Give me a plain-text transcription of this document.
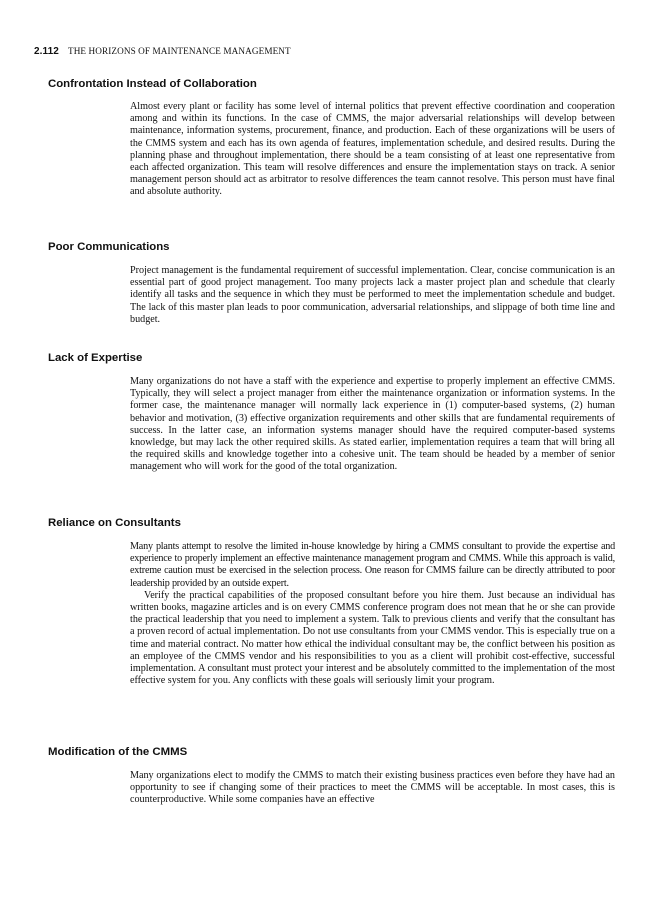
2.112 THE HORIZONS OF MAINTENANCE MANAGEMENT
Confrontation Instead of Collaboration

Almost every plant or facility has some level of internal politics that prevent effective coordination and cooperation among and within its functions. In the case of CMMS, the major adversarial relationships will develop between maintenance, information systems, procurement, finance, and production. Each of these organizations will be users of the CMMS system and each has its own agenda of features, implementation schedule, and desired results. During the planning phase and throughout implementation, there should be a team consisting of at least one representative from each affected organization. This team will resolve differences and ensure the implementation stays on track. A senior management person should act as arbitrator to resolve differences the team cannot resolve. This person must have final and absolute authority.

Poor Communications

Project management is the fundamental requirement of successful implementation. Clear, concise communication is an essential part of good project management. Too many projects lack a master project plan and schedule that clearly identify all tasks and the sequence in which they must be performed to meet the implementation schedule and budget. The lack of this master plan leads to poor communication, adversarial relationships, and slippage of both time line and budget.

Lack of Expertise

Many organizations do not have a staff with the experience and expertise to properly implement an effective CMMS. Typically, they will select a project manager from either the maintenance organization or information systems. In the former case, the maintenance manager will normally lack experience in (1) computer-based systems, (2) human behavior and motivation, (3) effective organization requirements and other skills that are fundamental requirements of success. In the latter case, an information systems manager should have the required computer-based systems knowledge, but may lack the other required skills. As stated earlier, implementation requires a team that will bring all the required skills and knowledge together into a cohesive unit. The team should be headed by a member of senior management who will work for the good of the total organization.

Reliance on Consultants

Many plants attempt to resolve the limited in-house knowledge by hiring a CMMS consultant to provide the expertise and experience to properly implement an effective maintenance management program and CMMS. While this approach is valid, extreme caution must be exercised in the selection process. One reason for CMMS failure can be directly attributed to poor leadership provided by an outside expert.

Verify the practical capabilities of the proposed consultant before you hire them. Just because an individual has written books, magazine articles and is on every CMMS conference program does not mean that he or she can provide the practical leadership that you need to implement a system. Talk to previous clients and verify that the consultant has a proven record of actual implementation. Do not use consultants from your CMMS vendor. This is especially true on a time and material contract. No matter how ethical the individual consultant may be, the conflict between his position as an employee of the CMMS vendor and his responsibilities to you as a client will prohibit cost-effective, successful implementation. A consultant must protect your interest and be absolutely committed to the implementation of the most effective system for you. Any conflicts with these goals will seriously limit your program.

Modification of the CMMS

Many organizations elect to modify the CMMS to match their existing business practices even before they have had an opportunity to see if changing some of their practices to meet the CMMS will be acceptable. In most cases, this is counterproductive. While some companies have an effective
